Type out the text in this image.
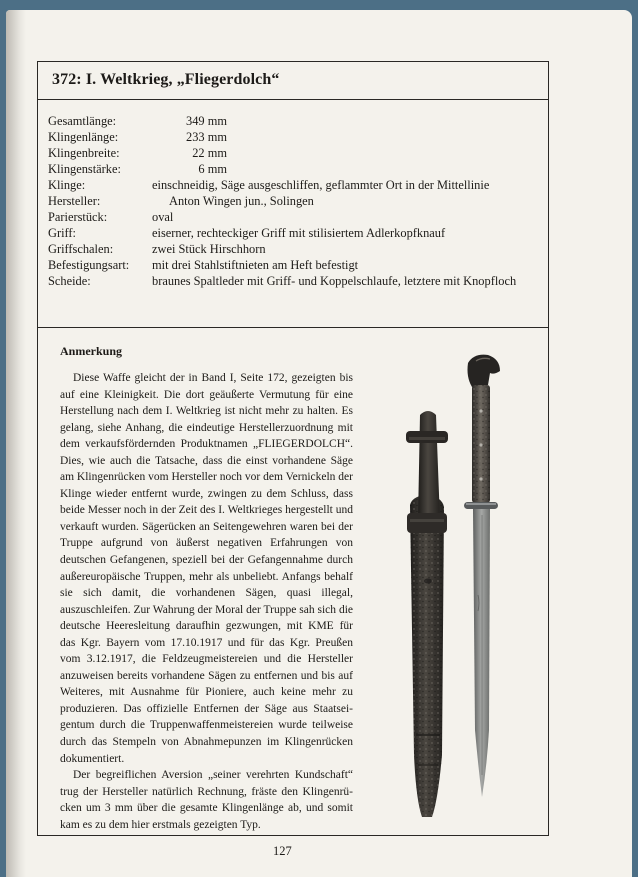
372: I. Weltkrieg, „Fliegerdolch“
Gesamtlänge:	349 mm
Klingenlänge:	233 mm
Klingenbreite:	22 mm
Klingenstärke:	6 mm
Klinge:	einschneidig, Säge ausgeschliffen, geflammter Ort in der Mittellinie
Hersteller:	Anton Wingen jun., Solingen
Parierstück:	oval
Griff:	eiserner, rechteckiger Griff mit stilisiertem Adlerkopfknauf
Griffschalen:	zwei Stück Hirschhorn
Befestigungsart: mit drei Stahlstiftnieten am Heft befestigt
Scheide:	braunes Spaltleder mit Griff- und Koppelschlaufe, letztere mit Knopfloch
Anmerkung

Diese Waffe gleicht der in Band I, Seite 172, gezeigten bis auf eine Kleinigkeit. Die dort geäußerte Vermutung für eine Herstellung nach dem I. Weltkrieg ist nicht mehr zu halten. Es gelang, siehe Anhang, die eindeutige Herstellerzuordnung mit dem verkaufsfördernden Produktnamen „FLIEGERDOLCH“. Dies, wie auch die Tatsache, dass die einst vorhandene Säge am Klingenrücken vom Hersteller noch vor dem Vernickeln der Klinge wieder entfernt wurde, zwingen zu dem Schluss, dass beide Messer noch in der Zeit des I. Weltkrieges hergestellt und verkauft wurden. Sägerücken an Seitengewehren waren bei der Truppe aufgrund von äußerst negativen Erfahrungen von deutschen Gefangenen, speziell bei der Gefangennahme durch außereuropäische Truppen, mehr als unbeliebt. Anfangs behalf sie sich damit, die vorhandenen Sägen, quasi illegal, auszuschleifen. Zur Wahrung der Moral der Truppe sah sich die deutsche Heeresleitung daraufhin gezwungen, mit KME für das Kgr. Bayern vom 17.10.1917 und für das Kgr. Preußen vom 3.12.1917, die Feldzeugmeistereien und die Hersteller anzuweisen bereits vorhandene Sägen zu entfernen und bis auf Weiteres, mit Ausnahme für Pioniere, auch keine mehr zu produzieren. Das offizielle Entfernen der Säge aus Staatseigentum durch die Truppenwaffenmeistereien wurde teilweise durch das Stempeln von Abnahmepunzen im Klingenrücken dokumentiert.

Der begreiflichen Aversion „seiner verehrten Kundschaft“ trug der Hersteller natürlich Rechnung, fräste den Klingenrücken um 3 mm über die gesamte Klingenlänge ab, und somit kam es zu dem hier erstmals gezeigten Typ.

127
